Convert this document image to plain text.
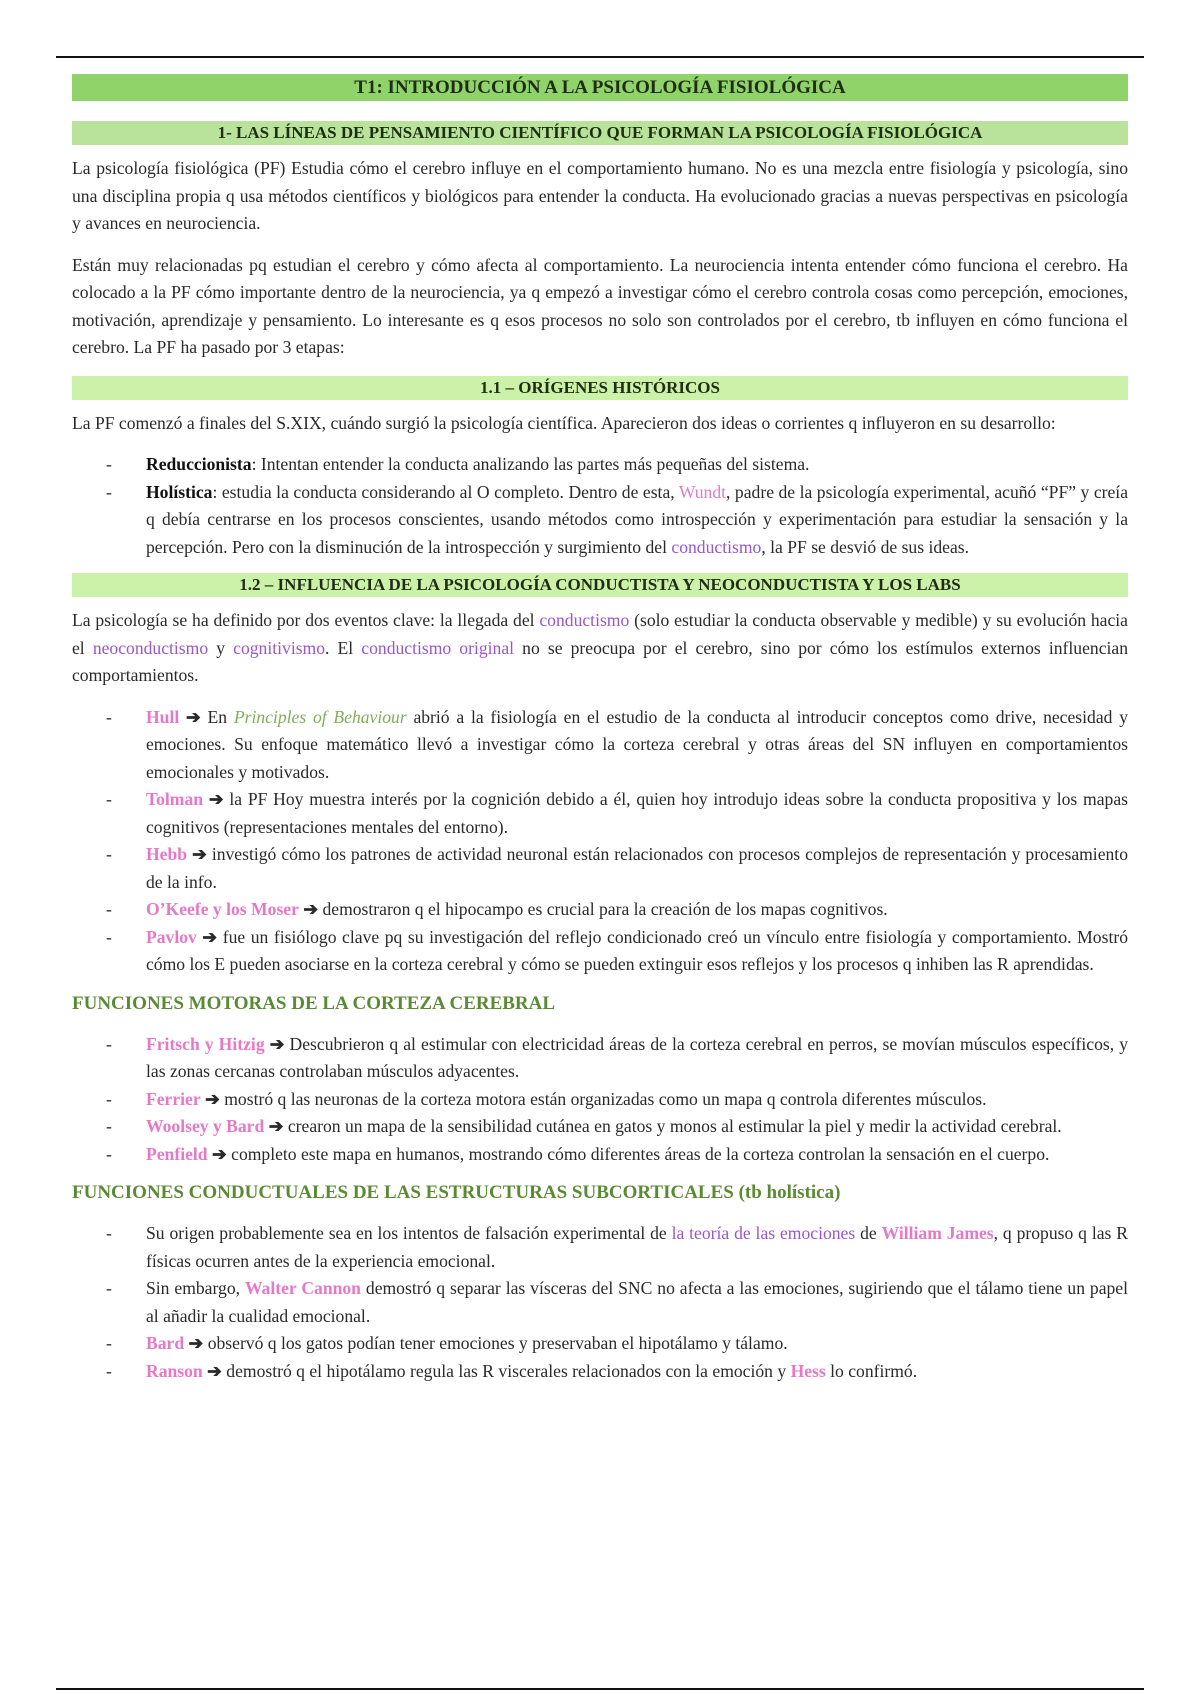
T1: INTRODUCCIÓN A LA PSICOLOGÍA FISIOLÓGICA
1- LAS LÍNEAS DE PENSAMIENTO CIENTÍFICO QUE FORMAN LA PSICOLOGÍA FISIOLÓGICA

La psicología fisiológica (PF) Estudia cómo el cerebro influye en el comportamiento humano. No es una mezcla entre fisiología y psicología, sino una disciplina propia q usa métodos científicos y biológicos para entender la conducta. Ha evolucionado gracias a nuevas perspectivas en psicología y avances en neurociencia.

Están muy relacionadas pq estudian el cerebro y cómo afecta al comportamiento. La neurociencia intenta entender cómo funciona el cerebro. Ha colocado a la PF cómo importante dentro de la neurociencia, ya q empezó a investigar cómo el cerebro controla cosas como percepción, emociones, motivación, aprendizaje y pensamiento. Lo interesante es q esos procesos no solo son controlados por el cerebro, tb influyen en cómo funciona el cerebro. La PF ha pasado por 3 etapas:

1.1 – ORÍGENES HISTÓRICOS

La PF comenzó a finales del S.XIX, cuándo surgió la psicología científica. Aparecieron dos ideas o corrientes q influyeron en su desarrollo:

- Reduccionista: Intentan entender la conducta analizando las partes más pequeñas del sistema.
- Holística: estudia la conducta considerando al O completo. Dentro de esta, Wundt, padre de la psicología experimental, acuñó “PF” y creía q debía centrarse en los procesos conscientes, usando métodos como introspección y experimentación para estudiar la sensación y la percepción. Pero con la disminución de la introspección y surgimiento del conductismo, la PF se desvió de sus ideas.
1.2 – INFLUENCIA DE LA PSICOLOGÍA CONDUCTISTA Y NEOCONDUCTISTA Y LOS LABS

La psicología se ha definido por dos eventos clave: la llegada del conductismo (solo estudiar la conducta observable y medible) y su evolución hacia el neoconductismo y cognitivismo. El conductismo original no se preocupa por el cerebro, sino por cómo los estímulos externos influencian comportamientos.

- Hull ➔ En Principles of Behaviour abrió a la fisiología en el estudio de la conducta al introducir conceptos como drive, necesidad y emociones. Su enfoque matemático llevó a investigar cómo la corteza cerebral y otras áreas del SN influyen en comportamientos emocionales y motivados.
- Tolman ➔ la PF Hoy muestra interés por la cognición debido a él, quien hoy introdujo ideas sobre la conducta propositiva y los mapas cognitivos (representaciones mentales del entorno).
- Hebb ➔ investigó cómo los patrones de actividad neuronal están relacionados con procesos complejos de representación y procesamiento de la info.
- O’Keefe y los Moser ➔ demostraron q el hipocampo es crucial para la creación de los mapas cognitivos.
- Pavlov ➔ fue un fisiólogo clave pq su investigación del reflejo condicionado creó un vínculo entre fisiología y comportamiento. Mostró cómo los E pueden asociarse en la corteza cerebral y cómo se pueden extinguir esos reflejos y los procesos q inhiben las R aprendidas.
FUNCIONES MOTORAS DE LA CORTEZA CEREBRAL
- Fritsch y Hitzig ➔ Descubrieron q al estimular con electricidad áreas de la corteza cerebral en perros, se movían músculos específicos, y las zonas cercanas controlaban músculos adyacentes.
- Ferrier ➔ mostró q las neuronas de la corteza motora están organizadas como un mapa q controla diferentes músculos.
- Woolsey y Bard ➔ crearon un mapa de la sensibilidad cutánea en gatos y monos al estimular la piel y medir la actividad cerebral.
- Penfield ➔ completo este mapa en humanos, mostrando cómo diferentes áreas de la corteza controlan la sensación en el cuerpo.
FUNCIONES CONDUCTUALES DE LAS ESTRUCTURAS SUBCORTICALES (tb holística)
- Su origen probablemente sea en los intentos de falsación experimental de la teoría de las emociones de William James, q propuso q las R físicas ocurren antes de la experiencia emocional.
- Sin embargo, Walter Cannon demostró q separar las vísceras del SNC no afecta a las emociones, sugiriendo que el tálamo tiene un papel al añadir la cualidad emocional.
- Bard ➔ observó q los gatos podían tener emociones y preservaban el hipotálamo y tálamo.
- Ranson ➔ demostró q el hipotálamo regula las R viscerales relacionados con la emoción y Hess lo confirmó.
